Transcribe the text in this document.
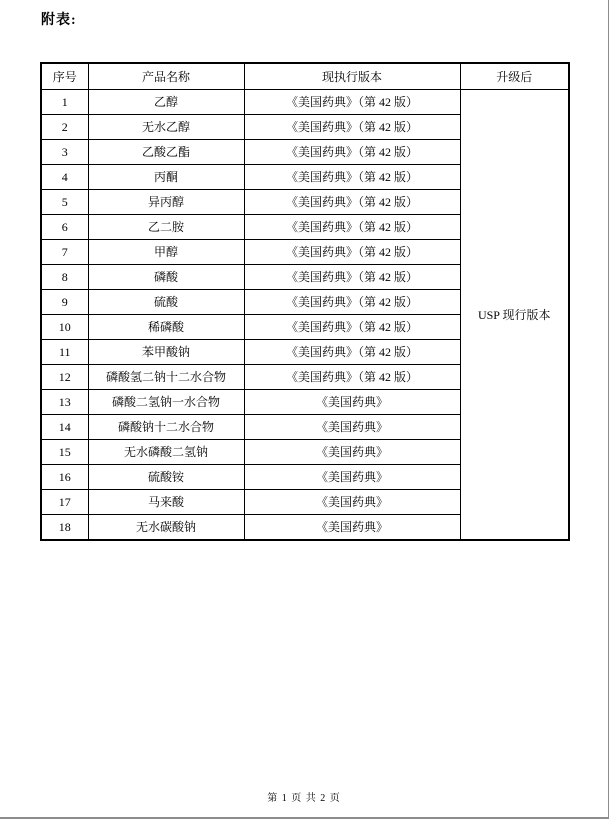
附表:
序号	产品名称	现执行版本	升级后
1	乙醇	《美国药典》（第 42 版）	USP 现行版本
2	无水乙醇	《美国药典》（第 42 版）	
3	乙酸乙酯	《美国药典》（第 42 版）	
4	丙酮	《美国药典》（第 42 版）	
5	异丙醇	《美国药典》（第 42 版）	
6	乙二胺	《美国药典》（第 42 版）	
7	甲醇	《美国药典》（第 42 版）	
8	磷酸	《美国药典》（第 42 版）	
9	硫酸	《美国药典》（第 42 版）	
10	稀磷酸	《美国药典》（第 42 版）	
11	苯甲酸钠	《美国药典》（第 42 版）	
12	磷酸氢二钠十二水合物	《美国药典》（第 42 版）	
13	磷酸二氢钠一水合物	《美国药典》	
14	磷酸钠十二水合物	《美国药典》	
15	无水磷酸二氢钠	《美国药典》	
16	硫酸铵	《美国药典》	
17	马来酸	《美国药典》	
18	无水碳酸钠	《美国药典》	
第 1 页 共 2 页
